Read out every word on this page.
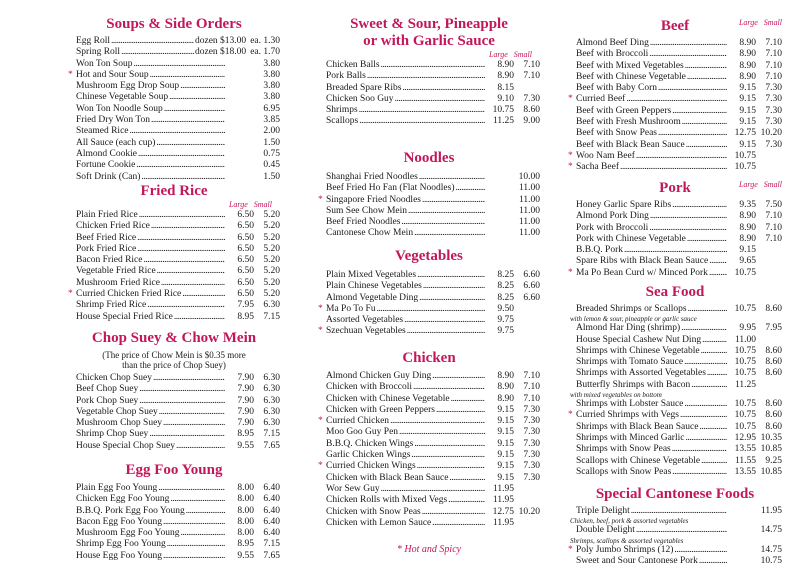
Soups & Side Orders
Egg Roll .....	dozen $13.00 ea. 1.30
Spring Roll .....	dozen $18.00 ea. 1.70
Won Ton Soup .....	3.80
* Hot and Sour Soup .....	3.80
Mushroom Egg Drop Soup .....	3.80
Chinese Vegetable Soup .....	3.80
Won Ton Noodle Soup .....	6.95
Fried Dry Won Ton .....	3.85
Steamed Rice .....	2.00
All Sauce (each cup) .....	1.50
Almond Cookie .....	0.75
Fortune Cookie .....	0.45
Soft Drink (Can) .....	1.50
Fried Rice
Large Small
Plain Fried Rice .....	6.50 5.20
Chicken Fried Rice .....	6.50 5.20
Beef Fried Rice .....	6.50 5.20
Pork Fried Rice .....	6.50 5.20
Bacon Fried Rice .....	6.50 5.20
Vegetable Fried Rice .....	6.50 5.20
Mushroom Fried Rice .....	6.50 5.20
* Curried Chicken Fried Rice .....	6.50 5.20
Shrimp Fried Rice .....	7.95 6.30
House Special Fried Rice .....	8.95 7.15
Chop Suey & Chow Mein
(The price of Chow Mein is $0.35 more
than the price of Chop Suey)
Chicken Chop Suey .....	7.90 6.30
Beef Chop Suey .....	7.90 6.30
Pork Chop Suey .....	7.90 6.30
Vegetable Chop Suey .....	7.90 6.30
Mushroom Chop Suey .....	7.90 6.30
Shrimp Chop Suey .....	8.95 7.15
House Special Chop Suey .....	9.55 7.65
Egg Foo Young
Plain Egg Foo Young .....	8.00 6.40
Chicken Egg Foo Young .....	8.00 6.40
B.B.Q. Pork Egg Foo Young .....	8.00 6.40
Bacon Egg Foo Young .....	8.00 6.40
Mushroom Egg Foo Young .....	8.00 6.40
Shrimp Egg Foo Young .....	8.95 7.15
House Egg Foo Young .....	9.55 7.65
Sweet & Sour, Pineapple
or with Garlic Sauce
Large Small
Chicken Balls .....	8.90 7.10
Pork Balls .....	8.90 7.10
Breaded Spare Ribs .....	8.15
Chicken Soo Guy .....	9.10 7.30
Shrimps .....	10.75 8.60
Scallops .....	11.25 9.00
Noodles
Shanghai Fried Noodles .....	10.00
Beef Fried Ho Fan (Flat Noodles) .....	11.00
* Singapore Fried Noodles .....	11.00
Sum See Chow Mein .....	11.00
Beef Fried Noodles .....	11.00
Cantonese Chow Mein .....	11.00
Vegetables
Plain Mixed Vegetables .....	8.25 6.60
Plain Chinese Vegetables .....	8.25 6.60
Almond Vegetable Ding .....	8.25 6.60
* Ma Po To Fu .....	9.50
Assorted Vegetables .....	9.75
* Szechuan Vegetables .....	9.75
Chicken
Almond Chicken Guy Ding .....	8.90 7.10
Chicken with Broccoli .....	8.90 7.10
Chicken with Chinese Vegetable .....	8.90 7.10
Chicken with Green Peppers .....	9.15 7.30
* Curried Chicken .....	9.15 7.30
Moo Goo Guy Pen .....	9.15 7.30
B.B.Q. Chicken Wings .....	9.15 7.30
Garlic Chicken Wings .....	9.15 7.30
* Curried Chicken Wings .....	9.15 7.30
Chicken with Black Bean Sauce .....	9.15 7.30
Wor Sew Guy .....	11.95
Chicken Rolls with Mixed Vegs .....	11.95
Chicken with Snow Peas .....	12.75 10.20
Chicken with Lemon Sauce .....	11.95
* Hot and Spicy
Beef	Large Small
Almond Beef Ding .....	8.90 7.10
Beef with Broccoli .....	8.90 7.10
Beef with Mixed Vegetables .....	8.90 7.10
Beef with Chinese Vegetable .....	8.90 7.10
Beef with Baby Corn .....	9.15 7.30
* Curried Beef .....	9.15 7.30
Beef with Green Peppers .....	9.15 7.30
Beef with Fresh Mushroom .....	9.15 7.30
Beef with Snow Peas .....	12.75 10.20
Beef with Black Bean Sauce .....	9.15 7.30
* Woo Nam Beef .....	10.75
* Sacha Beef .....	10.75
Pork	Large Small
Honey Garlic Spare Ribs .....	9.35 7.50
Almond Pork Ding .....	8.90 7.10
Pork with Broccoli .....	8.90 7.10
Pork with Chinese Vegetable .....	8.90 7.10
B.B.Q. Pork .....	9.15
Spare Ribs with Black Bean Sauce .....	9.65
* Ma Po Bean Curd w/ Minced Pork .....	10.75
Sea Food
Breaded Shrimps or Scallops .....	10.75 8.60
with lemon & sour, pineapple or garlic sauce
Almond Har Ding (shrimp) .....	9.95 7.95
House Special Cashew Nut Ding .....	11.00
Shrimps with Chinese Vegetable .....	10.75 8.60
Shrimps with Tomato Sauce .....	10.75 8.60
Shrimps with Assorted Vegetables .....	10.75 8.60
Butterfly Shrimps with Bacon .....	11.25
with mixed vegetables on bottom
Shrimps with Lobster Sauce .....	10.75 8.60
* Curried Shrimps with Vegs .....	10.75 8.60
Shrimps with Black Bean Sauce .....	10.75 8.60
Shrimps with Minced Garlic .....	12.95 10.35
Shrimps with Snow Peas .....	13.55 10.85
Scallops with Chinese Vegetable .....	11.55 9.25
Scallops with Snow Peas .....	13.55 10.85
Special Cantonese Foods
Triple Delight .....	11.95
Chicken, beef, pork & assorted vegetables
Double Delight .....	14.75
Shrimps, scallops & assorted vegetables
* Poly Jumbo Shrimps (12) .....	14.75
Sweet and Sour Cantonese Pork .....	10.75
